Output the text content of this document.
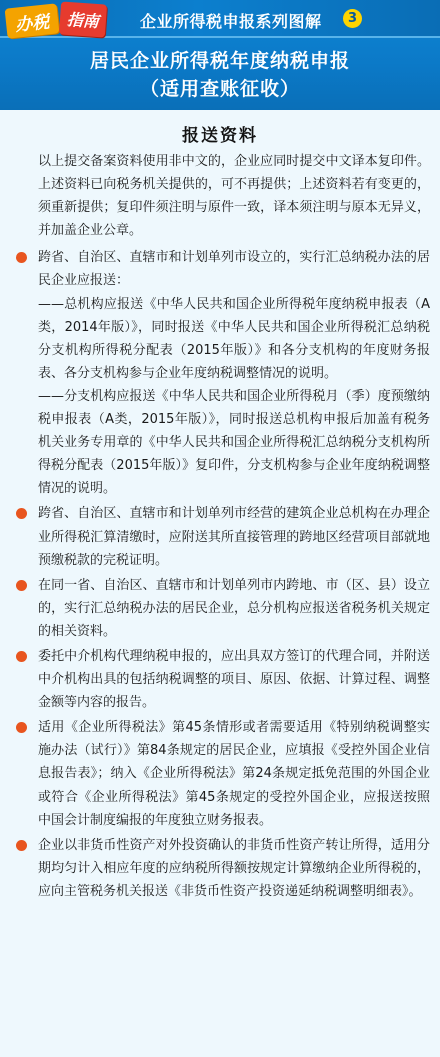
办税	指南	企业所得税申报系列图解	3
居民企业所得税年度纳税申报
（适用查账征收）
报送资料
以上提交备案资料使用非中文的，企业应同时提交中文译本复印件。上述资料已向税务机关提供的，可不再提供；上述资料若有变更的，须重新提供；复印件须注明与原件一致，译本须注明与原本无异义，并加盖企业公章。
跨省、自治区、直辖市和计划单列市设立的，实行汇总纳税办法的居民企业应报送：
——总机构应报送《中华人民共和国企业所得税年度纳税申报表（A类，2014年版）》，同时报送《中华人民共和国企业所得税汇总纳税分支机构所得税分配表（2015年版）》和各分支机构的年度财务报表、各分支机构参与企业年度纳税调整情况的说明。
——分支机构应报送《中华人民共和国企业所得税月（季）度预缴纳税申报表（A类，2015年版）》，同时报送总机构申报后加盖有税务机关业务专用章的《中华人民共和国企业所得税汇总纳税分支机构所得税分配表（2015年版）》复印件，分支机构参与企业年度纳税调整情况的说明。
跨省、自治区、直辖市和计划单列市经营的建筑企业总机构在办理企业所得税汇算清缴时，应附送其所直接管理的跨地区经营项目部就地预缴税款的完税证明。
在同一省、自治区、直辖市和计划单列市内跨地、市（区、县）设立的，实行汇总纳税办法的居民企业，总分机构应报送省税务机关规定的相关资料。
委托中介机构代理纳税申报的，应出具双方签订的代理合同，并附送中介机构出具的包括纳税调整的项目、原因、依据、计算过程、调整金额等内容的报告。
适用《企业所得税法》第45条情形或者需要适用《特别纳税调整实施办法（试行）》第84条规定的居民企业，应填报《受控外国企业信息报告表》；纳入《企业所得税法》第24条规定抵免范围的外国企业或符合《企业所得税法》第45条规定的受控外国企业，应报送按照中国会计制度编报的年度独立财务报表。
企业以非货币性资产对外投资确认的非货币性资产转让所得，适用分期均匀计入相应年度的应纳税所得额按规定计算缴纳企业所得税的，应向主管税务机关报送《非货币性资产投资递延纳税调整明细表》。
